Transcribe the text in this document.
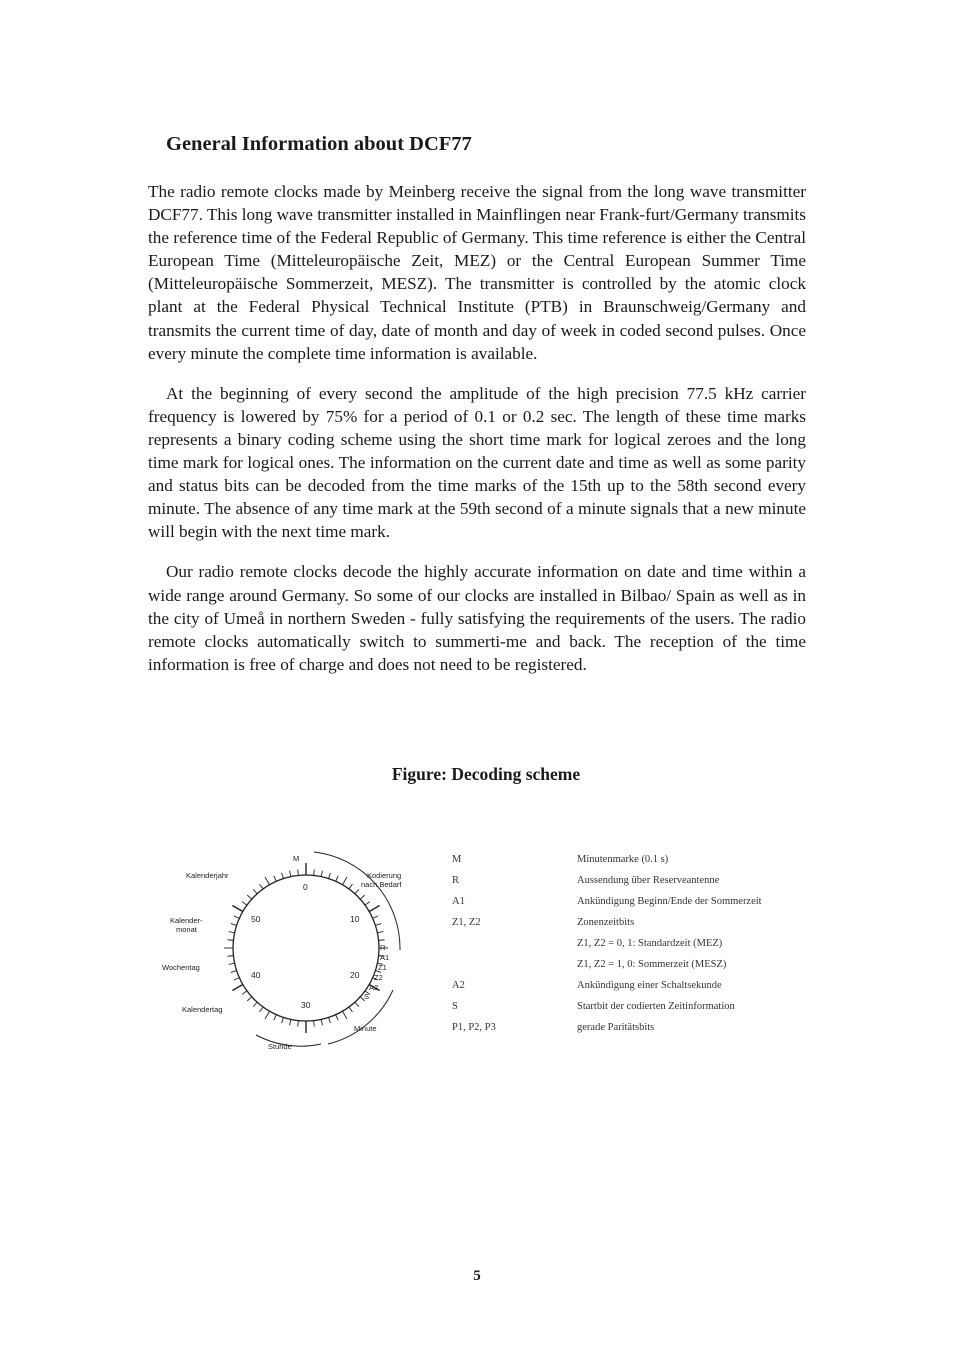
General Information about DCF77

The radio remote clocks made by Meinberg receive the signal from the long wave transmitter DCF77. This long wave transmitter installed in Mainflingen near Frank-furt/Germany transmits the reference time of the Federal Republic of Germany. This time reference is either the Central European Time (Mitteleuropäische Zeit, MEZ) or the Central European Summer Time (Mitteleuropäische Sommerzeit, MESZ). The transmitter is controlled by the atomic clock plant at the Federal Physical Technical Institute (PTB) in Braunschweig/Germany and transmits the current time of day, date of month and day of week in coded second pulses. Once every minute the complete time information is available.

At the beginning of every second the amplitude of the high precision 77.5 kHz carrier frequency is lowered by 75% for a period of 0.1 or 0.2 sec. The length of these time marks represents a binary coding scheme using the short time mark for logical zeroes and the long time mark for logical ones. The information on the current date and time as well as some parity and status bits can be decoded from the time marks of the 15th up to the 58th second every minute. The absence of any time mark at the 59th second of a minute signals that a new minute will begin with the next time mark.

Our radio remote clocks decode the highly accurate information on date and time within a wide range around Germany. So some of our clocks are installed in Bilbao/ Spain as well as in the city of Umeå in northern Sweden - fully satisfying the requirements of the users. The radio remote clocks automatically switch to summerti-me and back. The reception of the time information is free of charge and does not need to be registered.

Figure: Decoding scheme

0
10
20
30
40
50
Kalenderjahr	Kodierung
nach Bedarf
Kalender-
monat
Wochentag
Kalendertag
Stunde
Minute
M
R
A1
Z1
Z2
A2
S
M	Minutenmarke (0.1 s)
R	Aussendung über Reserveantenne
A1	Ankündigung Beginn/Ende der Sommerzeit
Z1, Z2	Zonenzeitbits
Z1, Z2 = 0, 1: Standardzeit (MEZ)
Z1, Z2 = 1, 0: Sommerzeit (MESZ)
A2	Ankündigung einer Schaltsekunde
S	Startbit der codierten Zeitinformation
P1, P2, P3	gerade Paritätsbits

5
